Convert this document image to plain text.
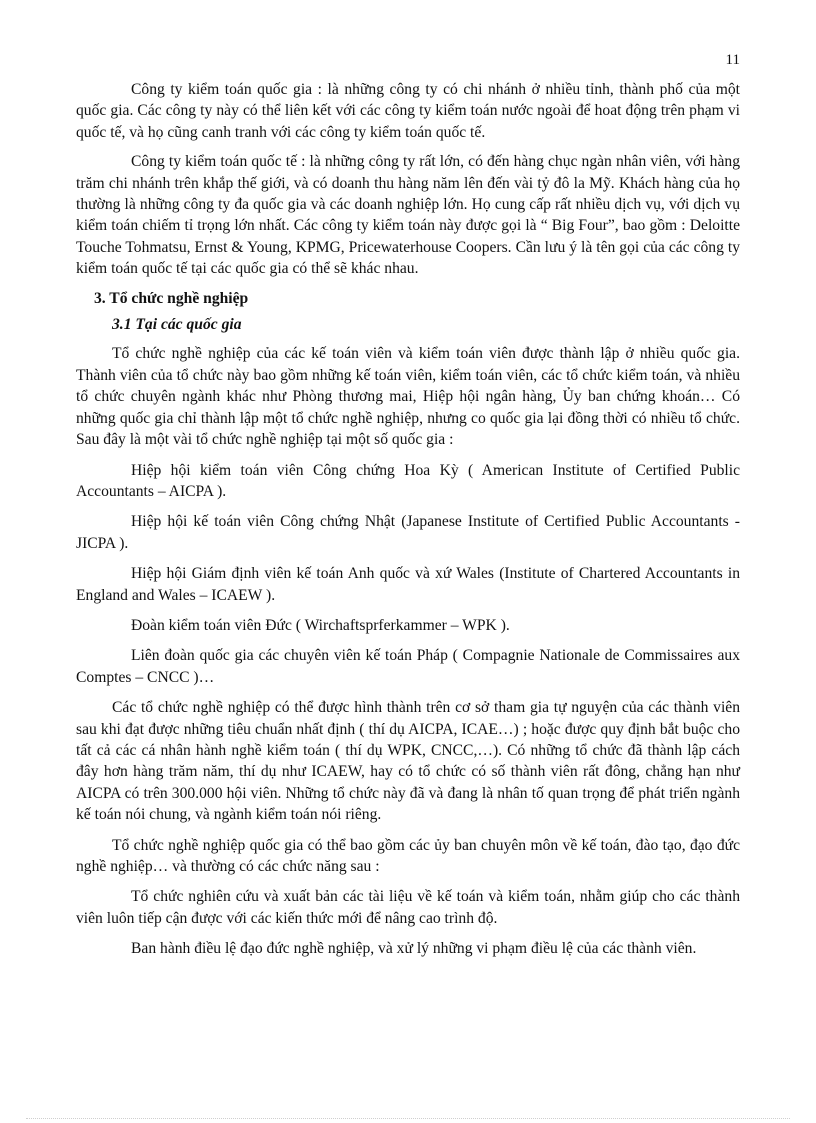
11

Công ty kiểm toán quốc gia : là những công ty có chi nhánh ở nhiều tỉnh, thành phố của một quốc gia. Các công ty này có thể liên kết với các công ty kiểm toán nước ngoài để hoat động trên phạm vi quốc tế, và họ cũng canh tranh với các công ty kiểm toán quốc tế.

Công ty kiểm toán quốc tế : là những công ty rất lớn, có đến hàng chục ngàn nhân viên, với hàng trăm chi nhánh trên khắp thế giới, và có doanh thu hàng năm lên đến vài tỷ đô la Mỹ. Khách hàng của họ thường là những công ty đa quốc gia và các doanh nghiệp lớn. Họ cung cấp rất nhiều dịch vụ, với dịch vụ kiểm toán chiếm tỉ trọng lớn nhất. Các công ty kiểm toán này được gọi là “ Big Four”, bao gồm : Deloitte Touche Tohmatsu, Ernst & Young, KPMG, Pricewaterhouse Coopers. Cần lưu ý là tên gọi của các công ty kiểm toán quốc tế tại các quốc gia có thể sẽ khác nhau.

3. Tổ chức nghề nghiệp
3.1 Tại các quốc gia

Tổ chức nghề nghiệp của các kế toán viên và kiểm toán viên được thành lập ở nhiều quốc gia. Thành viên của tổ chức này bao gồm những kế toán viên, kiểm toán viên, các tổ chức kiểm toán, và nhiều tổ chức chuyên ngành khác như Phòng thương mai, Hiệp hội ngân hàng, Ủy ban chứng khoán… Có những quốc gia chỉ thành lập một tổ chức nghề nghiệp, nhưng co quốc gia lại đồng thời có nhiều tổ chức. Sau đây là một vài tổ chức nghề nghiệp tại một số quốc gia :

Hiệp hội kiểm toán viên Công chứng Hoa Kỳ ( American Institute of Certified Public Accountants – AICPA ).

Hiệp hội kế toán viên Công chứng Nhật (Japanese Institute of Certified Public Accountants - JICPA ).

Hiệp hội Giám định viên kế toán Anh quốc và xứ Wales (Institute of Chartered Accountants in England and Wales – ICAEW ).

Đoàn kiểm toán viên Đức ( Wirchaftsprferkammer – WPK ).

Liên đoàn quốc gia các chuyên viên kế toán Pháp ( Compagnie Nationale de Commissaires aux Comptes – CNCC )…

Các tổ chức nghề nghiệp có thể được hình thành trên cơ sở tham gia tự nguyện của các thành viên sau khi đạt được những tiêu chuẩn nhất định ( thí dụ AICPA, ICAE…) ; hoặc được quy định bắt buộc cho tất cả các cá nhân hành nghề kiểm toán ( thí dụ WPK, CNCC,…). Có những tổ chức đã thành lập cách đây hơn hàng trăm năm, thí dụ như ICAEW, hay có tổ chức có số thành viên rất đông, chẳng hạn như AICPA có trên 300.000 hội viên. Những tổ chức này đã và đang là nhân tố quan trọng để phát triển ngành kế toán nói chung, và ngành kiểm toán nói riêng.

Tổ chức nghề nghiệp quốc gia có thể bao gồm các ủy ban chuyên môn về kế toán, đào tạo, đạo đức nghề nghiệp… và thường có các chức năng sau :

Tổ chức nghiên cứu và xuất bản các tài liệu về kế toán và kiểm toán, nhằm giúp cho các thành viên luôn tiếp cận được với các kiến thức mới để nâng cao trình độ.

Ban hành điều lệ đạo đức nghề nghiệp, và xử lý những vi phạm điều lệ của các thành viên.
